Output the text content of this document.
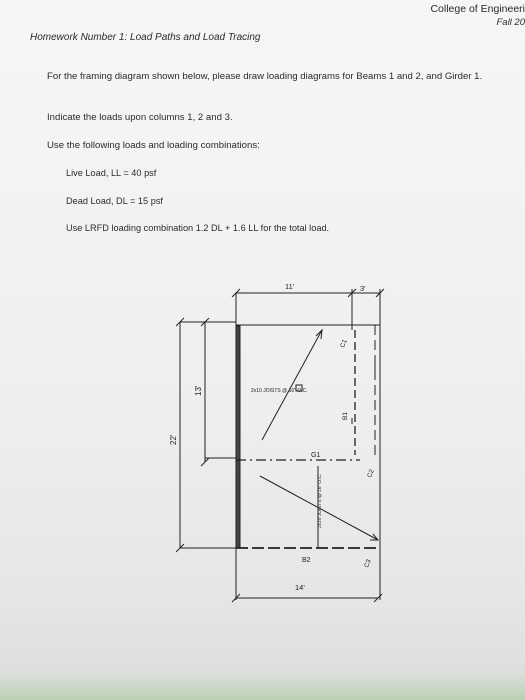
College of Engineeri
Fall 20
Homework Number 1: Load Paths and Load Tracing
For the framing diagram shown below, please draw loading diagrams for Beams 1 and 2, and Girder 1.
Indicate the loads upon columns 1, 2 and 3.
Use the following loads and loading combinations:
Live Load, LL = 40 psf
Dead Load, DL = 15 psf
Use LRFD loading combination 1.2 DL + 1.6 LL for the total load.
11'	3'
14'
22'
13'	2x10 JOISTS @ 16" O.C.
2x10 JOISTS @ 16" O.C.
C1
C2
C3
B1
B2
G1
